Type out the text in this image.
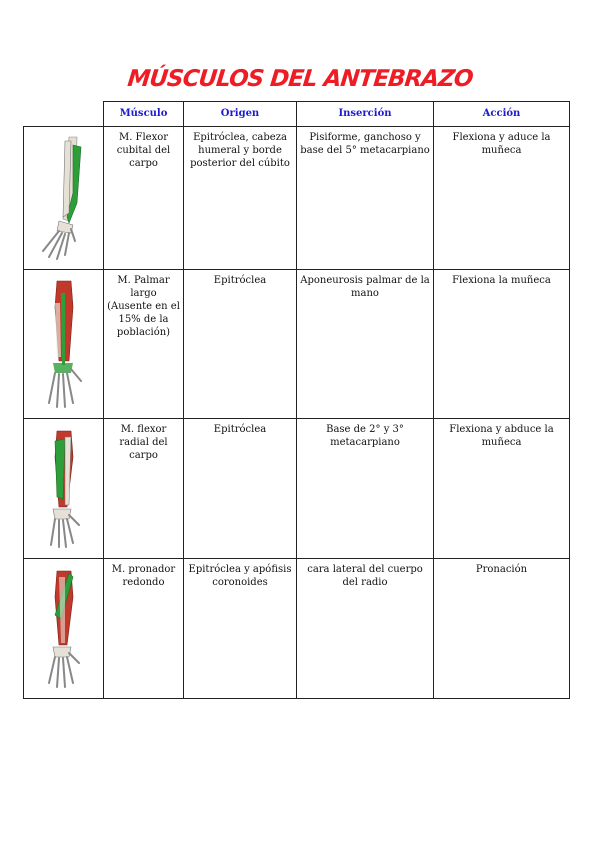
MÚSCULOS DEL ANTEBRAZO
	Músculo	Origen	Inserción	Acción

	M. Flexor cubital del carpo	Epitróclea, cabeza humeral y borde posterior del cúbito	Pisiforme, ganchoso y base del 5° metacarpiano	Flexiona y aduce la muñeca

	M. Palmar largo (Ausente en el 15% de la población)	Epitróclea	Aponeurosis palmar de la mano	Flexiona la muñeca

	M. flexor radial del carpo	Epitróclea	Base de 2° y 3° metacarpiano	Flexiona y abduce la muñeca

	M. pronador redondo	Epitróclea y apófisis coronoides	cara lateral del cuerpo del radio	Pronación
